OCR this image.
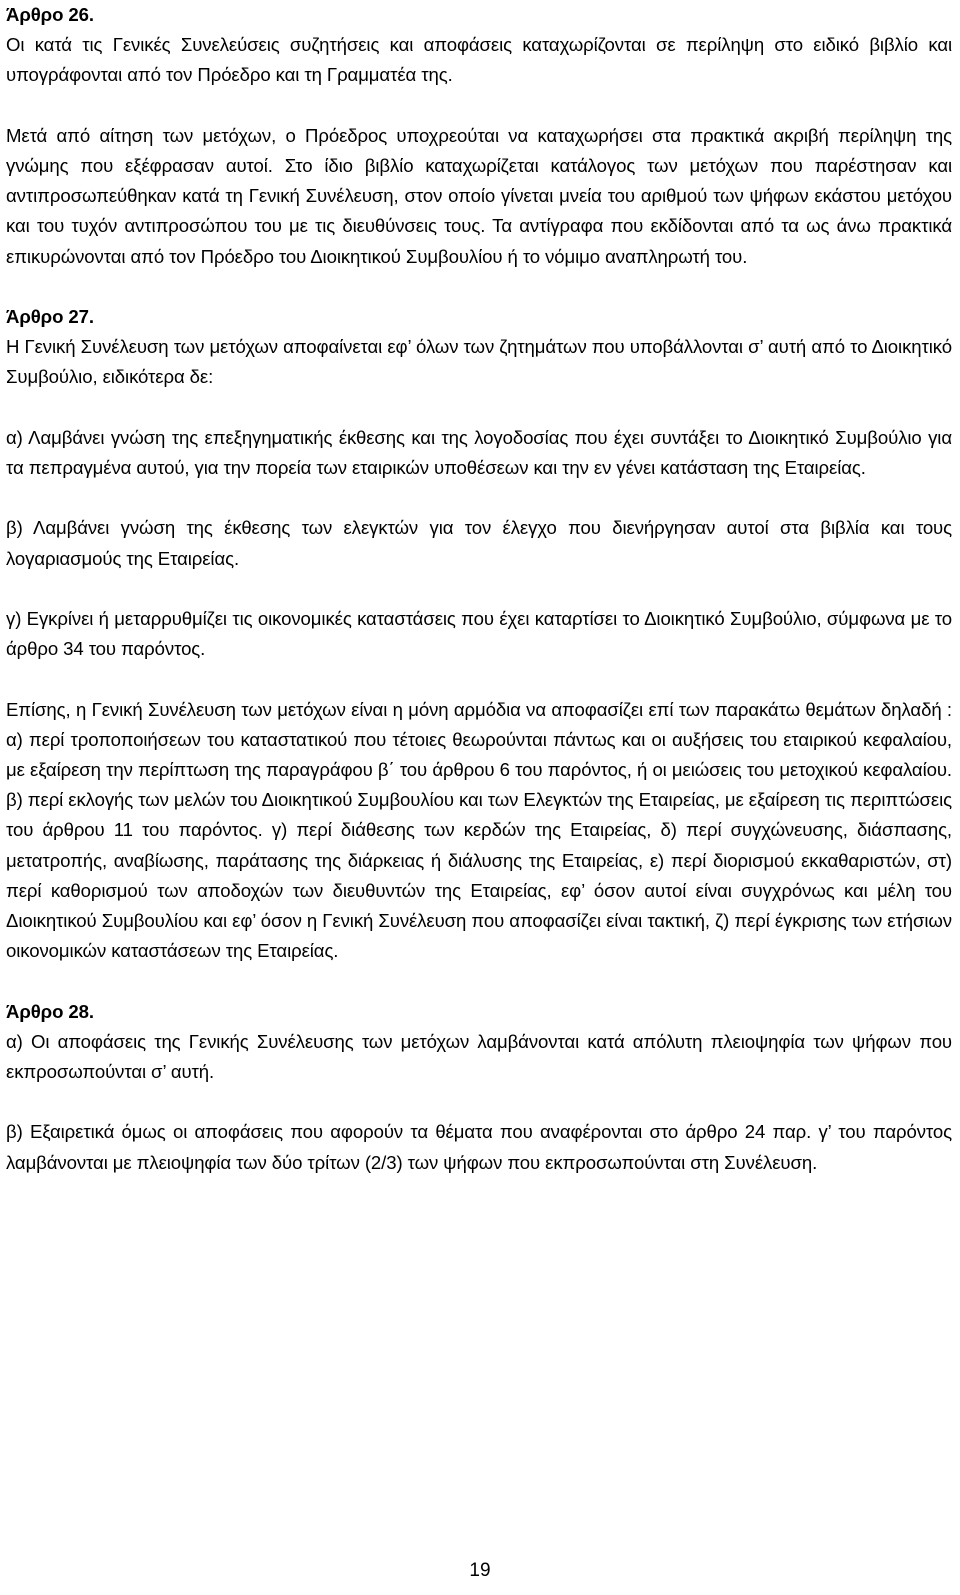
Άρθρο 26.

Οι κατά τις Γενικές Συνελεύσεις συζητήσεις και αποφάσεις καταχωρίζονται σε περίληψη στο ειδικό βιβλίο και υπογράφονται από τον Πρόεδρο και τη Γραμματέα της.

Μετά από αίτηση των μετόχων, ο Πρόεδρος υποχρεούται να καταχωρήσει στα πρακτικά ακριβή περίληψη της γνώμης που εξέφρασαν αυτοί. Στο ίδιο βιβλίο καταχωρίζεται κατάλογος των μετόχων που παρέστησαν και αντιπροσωπεύθηκαν κατά τη Γενική Συνέλευση, στον οποίο γίνεται μνεία του αριθμού των ψήφων εκάστου μετόχου και του τυχόν αντιπροσώπου του με τις διευθύνσεις τους. Τα αντίγραφα που εκδίδονται από τα ως άνω πρακτικά επικυρώνονται από τον Πρόεδρο του Διοικητικού Συμβουλίου ή το νόμιμο αναπληρωτή του.

Άρθρο 27.

Η Γενική Συνέλευση των μετόχων αποφαίνεται εφ’ όλων των ζητημάτων που υποβάλλονται σ’ αυτή από το Διοικητικό Συμβούλιο, ειδικότερα δε:

α) Λαμβάνει γνώση της επεξηγηματικής έκθεσης και της λογοδοσίας που έχει συντάξει το Διοικητικό Συμβούλιο για τα πεπραγμένα αυτού, για την πορεία των εταιρικών υποθέσεων και την εν γένει κατάσταση της Εταιρείας.

β) Λαμβάνει γνώση της έκθεσης των ελεγκτών για τον έλεγχο που διενήργησαν αυτοί στα βιβλία και τους λογαριασμούς της Εταιρείας.

γ) Εγκρίνει ή μεταρρυθμίζει τις οικονομικές καταστάσεις που έχει καταρτίσει το Διοικητικό Συμβούλιο, σύμφωνα με το άρθρο 34 του παρόντος.

Επίσης, η Γενική Συνέλευση των μετόχων είναι η μόνη αρμόδια να αποφασίζει επί των παρακάτω θεμάτων δηλαδή : α) περί τροποποιήσεων του καταστατικού που τέτοιες θεωρούνται πάντως και οι αυξήσεις του εταιρικού κεφαλαίου, με εξαίρεση την περίπτωση της παραγράφου β΄ του άρθρου 6 του παρόντος, ή οι μειώσεις του μετοχικού κεφαλαίου. β) περί εκλογής των μελών του Διοικητικού Συμβουλίου και των Ελεγκτών της Εταιρείας, με εξαίρεση τις περιπτώσεις του άρθρου 11 του παρόντος. γ) περί διάθεσης των κερδών της Εταιρείας, δ) περί συγχώνευσης, διάσπασης, μετατροπής, αναβίωσης, παράτασης της διάρκειας ή διάλυσης της Εταιρείας, ε) περί διορισμού εκκαθαριστών, στ) περί καθορισμού των αποδοχών των διευθυντών της Εταιρείας, εφ’ όσον αυτοί είναι συγχρόνως και μέλη του Διοικητικού Συμβουλίου και εφ’ όσον η Γενική Συνέλευση που αποφασίζει είναι τακτική, ζ) περί έγκρισης των ετήσιων οικονομικών καταστάσεων της Εταιρείας.

Άρθρο 28.

α) Οι αποφάσεις της Γενικής Συνέλευσης των μετόχων λαμβάνονται κατά απόλυτη πλειοψηφία των ψήφων που εκπροσωπούνται σ’ αυτή.

β) Εξαιρετικά όμως οι αποφάσεις που αφορούν τα θέματα που αναφέρονται στο άρθρο 24 παρ. γ’ του παρόντος λαμβάνονται με πλειοψηφία των δύο τρίτων (2/3) των ψήφων που εκπροσωπούνται στη Συνέλευση.

19
